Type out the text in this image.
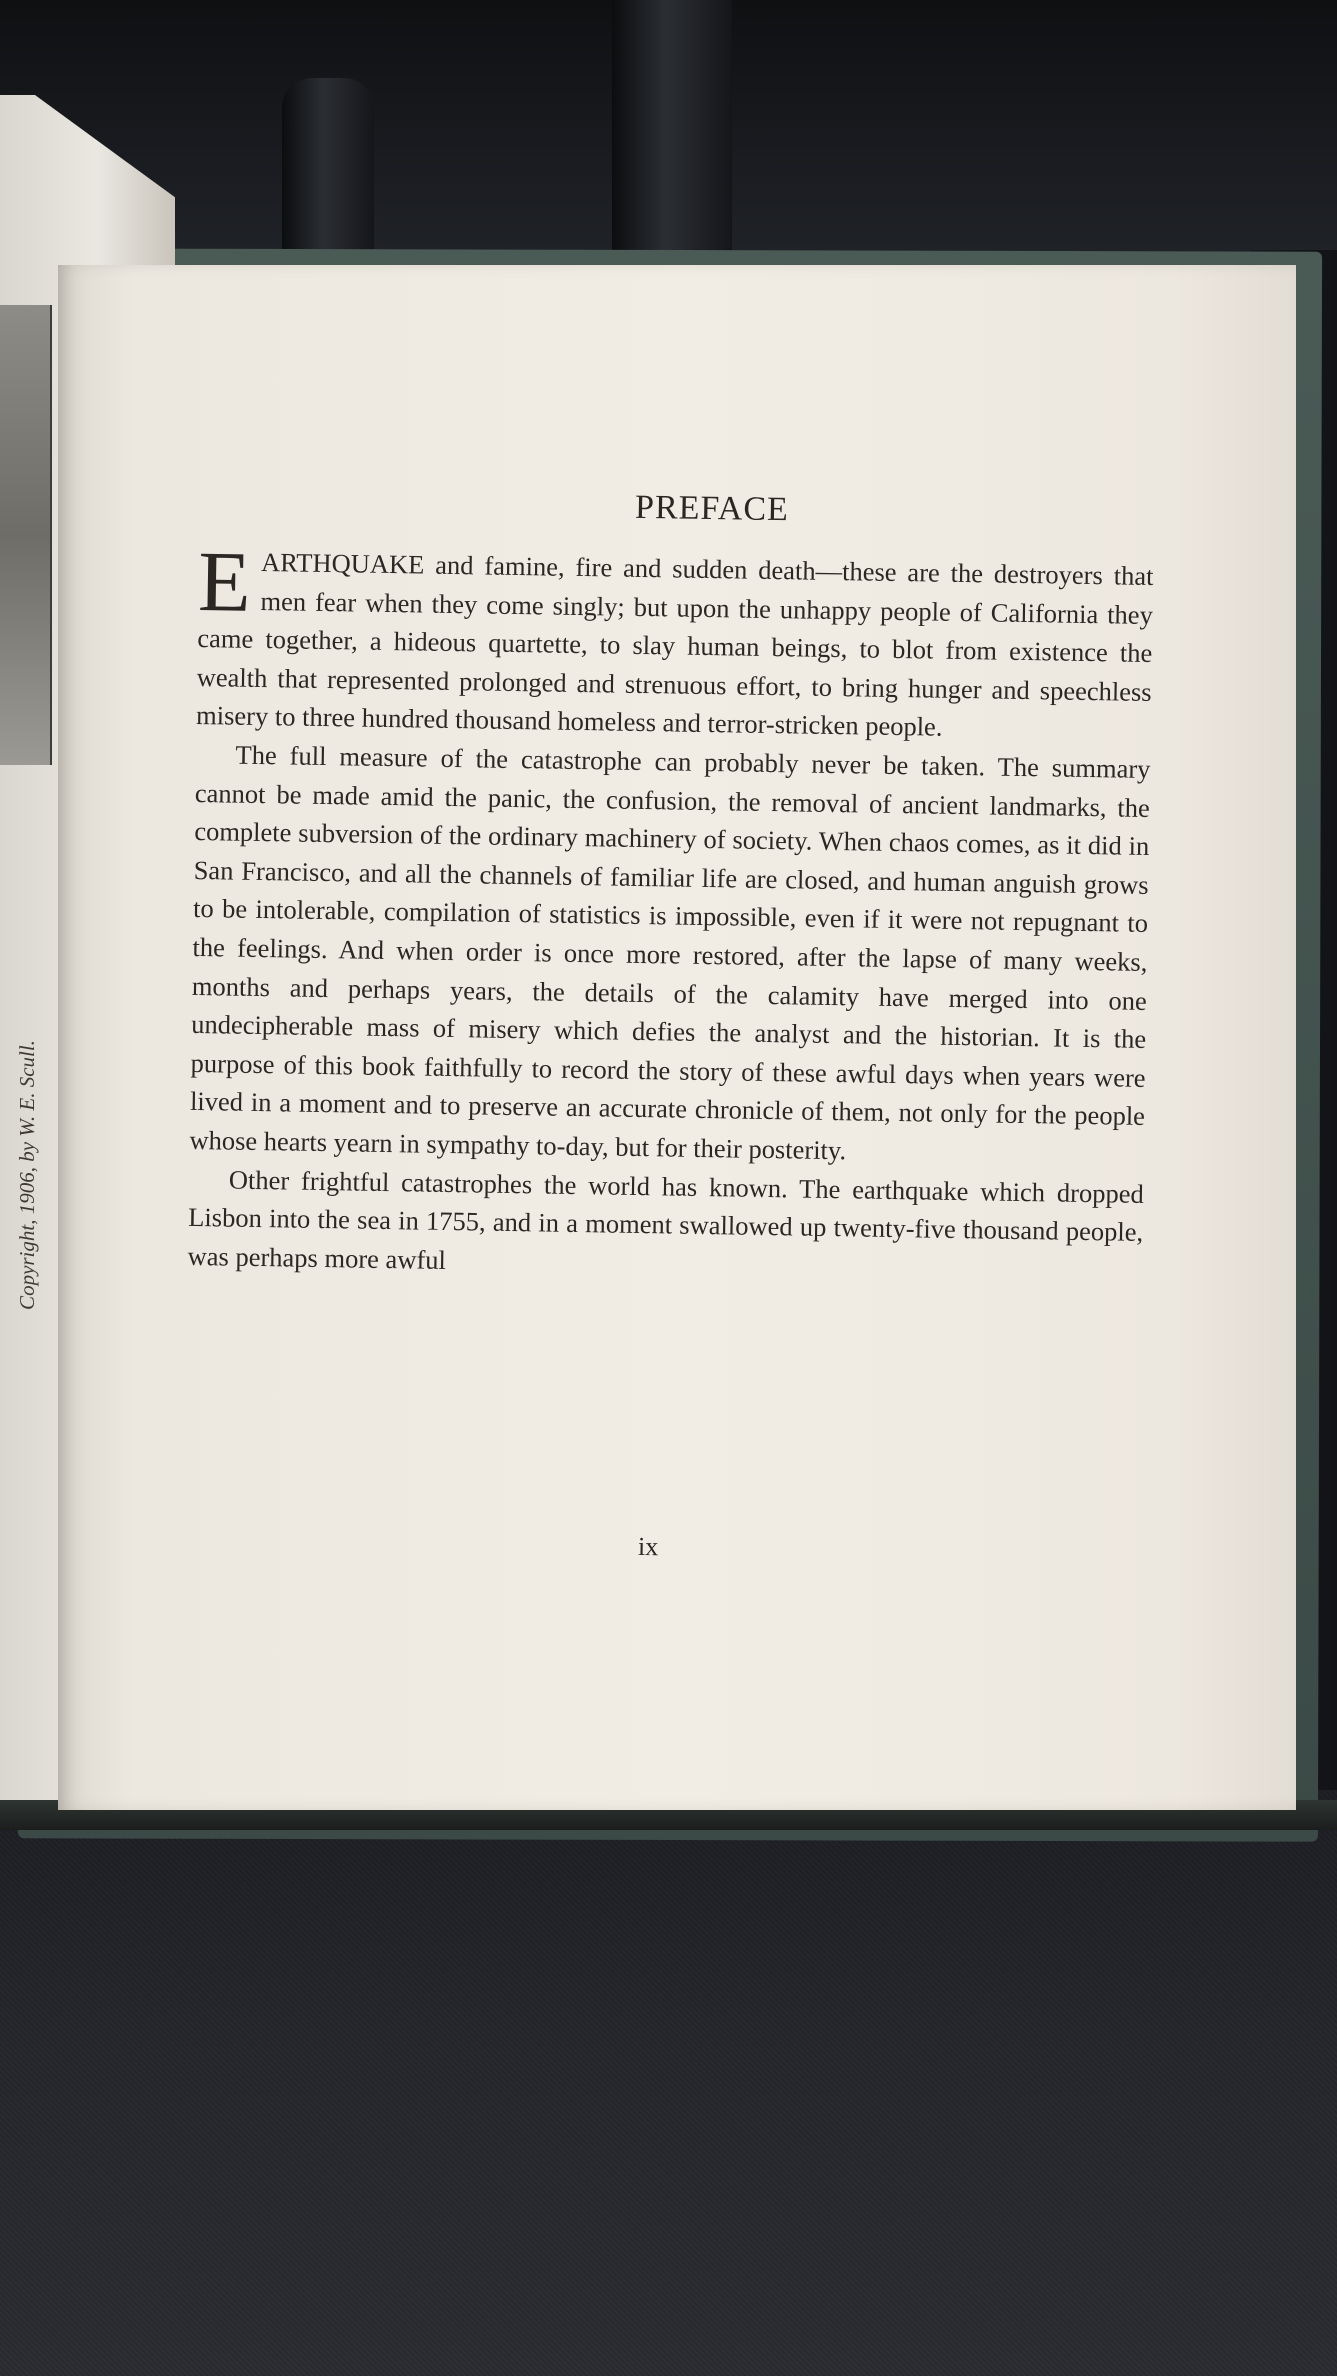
Copyright, 1906, by W. E. Scull.
PREFACE

EARTHQUAKE and famine, fire and sudden death—these are the destroyers that men fear when they come singly; but upon the unhappy people of California they came together, a hideous quartette, to slay human beings, to blot from existence the wealth that represented prolonged and strenuous effort, to bring hunger and speechless misery to three hundred thousand homeless and terror-stricken people.

The full measure of the catastrophe can probably never be taken. The summary cannot be made amid the panic, the confusion, the removal of ancient landmarks, the complete subversion of the ordinary machinery of society. When chaos comes, as it did in San Francisco, and all the channels of familiar life are closed, and human anguish grows to be intolerable, compilation of statistics is impossible, even if it were not repugnant to the feelings. And when order is once more restored, after the lapse of many weeks, months and perhaps years, the details of the calamity have merged into one undecipherable mass of misery which defies the analyst and the historian. It is the purpose of this book faithfully to record the story of these awful days when years were lived in a moment and to preserve an accurate chronicle of them, not only for the people whose hearts yearn in sympathy to-day, but for their posterity.

Other frightful catastrophes the world has known. The earthquake which dropped Lisbon into the sea in 1755, and in a moment swallowed up twenty-five thousand people, was perhaps more awful

ix
